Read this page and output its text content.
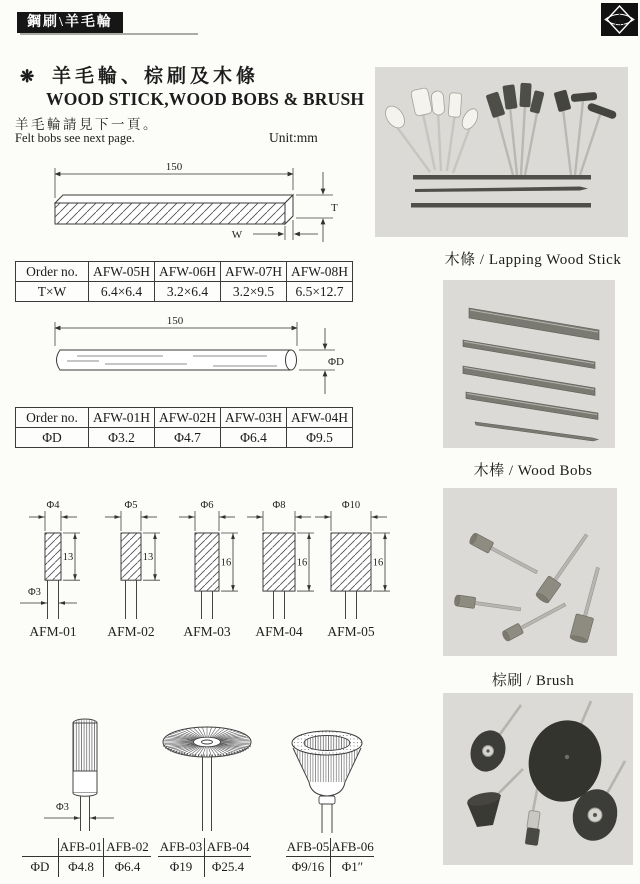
鋼刷\羊毛輪
Y
LB
❋ 羊毛輪、棕刷及木條
WOOD STICK,WOOD BOBS & BRUSH
羊毛輪請見下一頁。
Felt bobs see next page.	Unit:mm
150
T
W
Order no.	AFW-05H	AFW-06H	AFW-07H	AFW-08H
T×W	6.4×6.4	3.2×6.4	3.2×9.5	6.5×12.7
150
ΦD
Order no.	AFW-01H	AFW-02H	AFW-03H	AFW-04H
ΦD	Φ3.2	Φ4.7	Φ6.4	Φ9.5
Φ4
13
AFM-01
Φ3
Φ5
13
AFM-02
Φ6
16
AFM-03
Φ8
16
AFM-04
Φ10
16
AFM-05
Φ3
AFB-01 AFB-02
ΦD	Φ4.8	Φ6.4
AFB-03 AFB-04
Φ19	Φ25.4
AFB-05 AFB-06
Φ9/16	Φ1″
木條 / Lapping Wood Stick
木棒 / Wood Bobs
棕刷 / Brush
